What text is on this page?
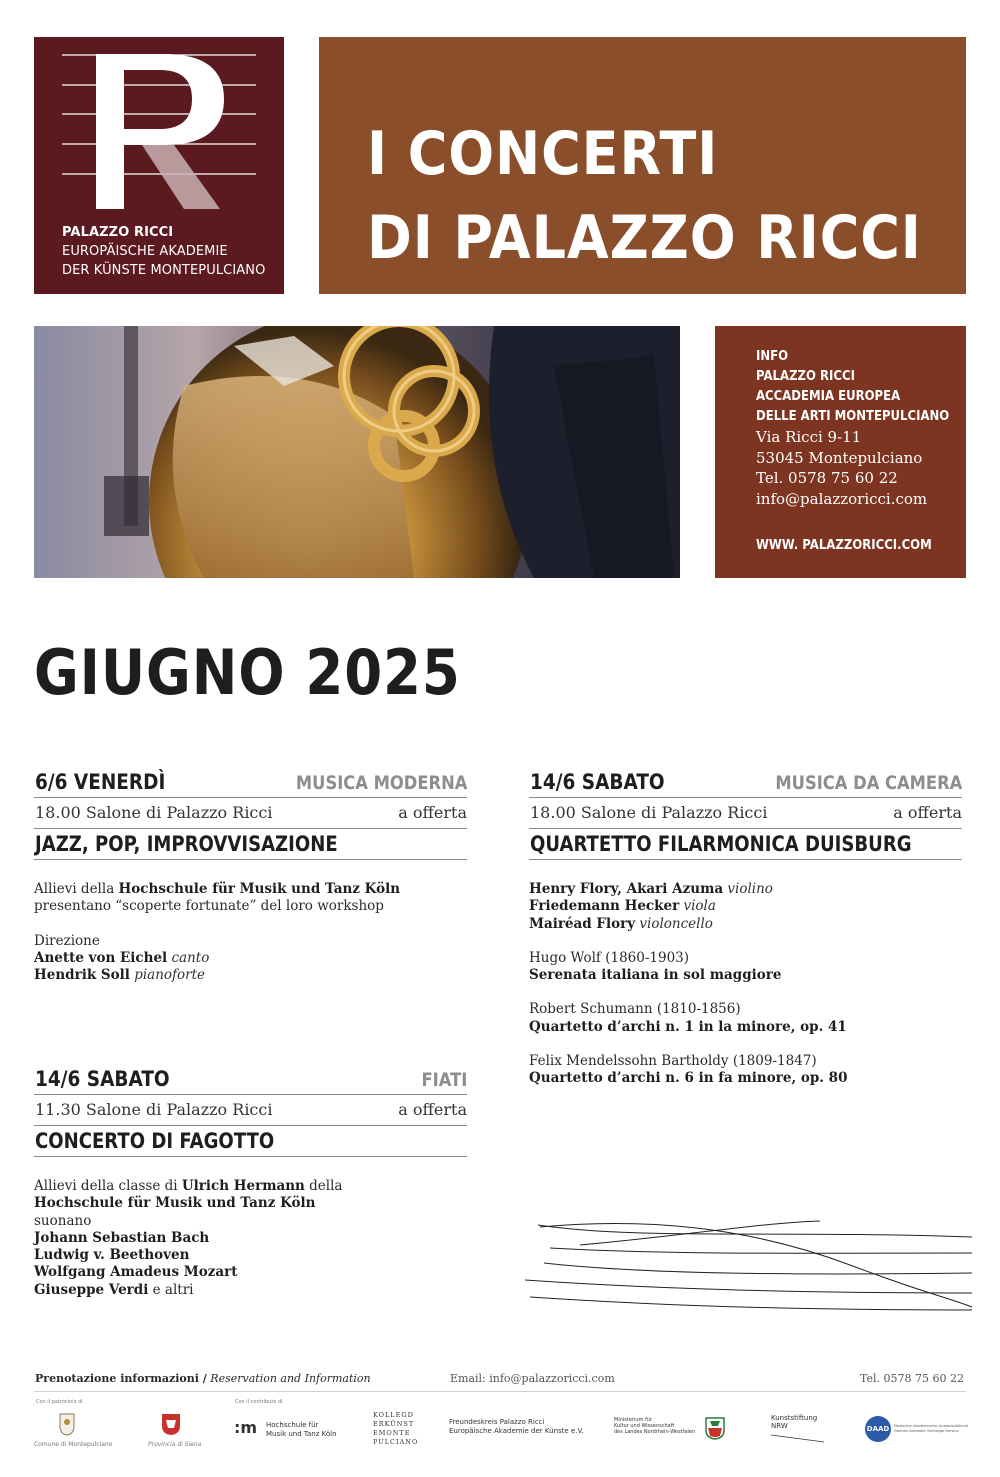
PALAZZO RICCI
EUROPÄISCHE AKADEMIE
DER KÜNSTE MONTEPULCIANO
I CONCERTI
DI PALAZZO RICCI
INFO
PALAZZO RICCI
ACCADEMIA EUROPEA
DELLE ARTI MONTEPULCIANO
Via Ricci 9-11
53045 Montepulciano
Tel. 0578 75 60 22
info@palazzoricci.com
WWW. PALAZZORICCI.COM
GIUGNO 2025
6/6 VENERDÌ	MUSICA MODERNA
18.00 Salone di Palazzo Ricci	a offerta
JAZZ, POP, IMPROVVISAZIONE
Allievi della Hochschule für Musik und Tanz Köln
presentano “scoperte fortunate” del loro workshop
Direzione
Anette von Eichel canto
Hendrik Soll pianoforte
14/6 SABATO	MUSICA DA CAMERA
18.00 Salone di Palazzo Ricci	a offerta
QUARTETTO FILARMONICA DUISBURG
Henry Flory, Akari Azuma violino
Friedemann Hecker viola
Mairéad Flory violoncello
Hugo Wolf (1860-1903)
Serenata italiana in sol maggiore
Robert Schumann (1810-1856)
Quartetto d’archi n. 1 in la minore, op. 41
Felix Mendelssohn Bartholdy (1809-1847)
Quartetto d’archi n. 6 in fa minore, op. 80
14/6 SABATO	FIATI
11.30 Salone di Palazzo Ricci	a offerta
CONCERTO DI FAGOTTO
Allievi della classe di Ulrich Hermann della
Hochschule für Musik und Tanz Köln
suonano
Johann Sebastian Bach
Ludwig v. Beethoven
Wolfgang Amadeus Mozart
Giuseppe Verdi e altri
Prenotazione informazioni / Reservation and Information	Email: info@palazzoricci.com	Tel. 0578 75 60 22
Con il patrocinio di
Comune di Montepulciano	Provincia di Siena
Con il contributo di
:m Hochschule für
Musik und Tanz Köln
KOLLEGD
ERKÜNST
EMONTE
PULCIANO
Freundeskreis Palazzo Ricci
Europäische Akademie der Künste e.V.
Ministerium für
Kultur und Wissenschaft
des Landes Nordrhein-Westfalen
Kunststiftung
NRW	DAAD	Deutscher Akademischer Austauschdienst
German Academic Exchange Service
